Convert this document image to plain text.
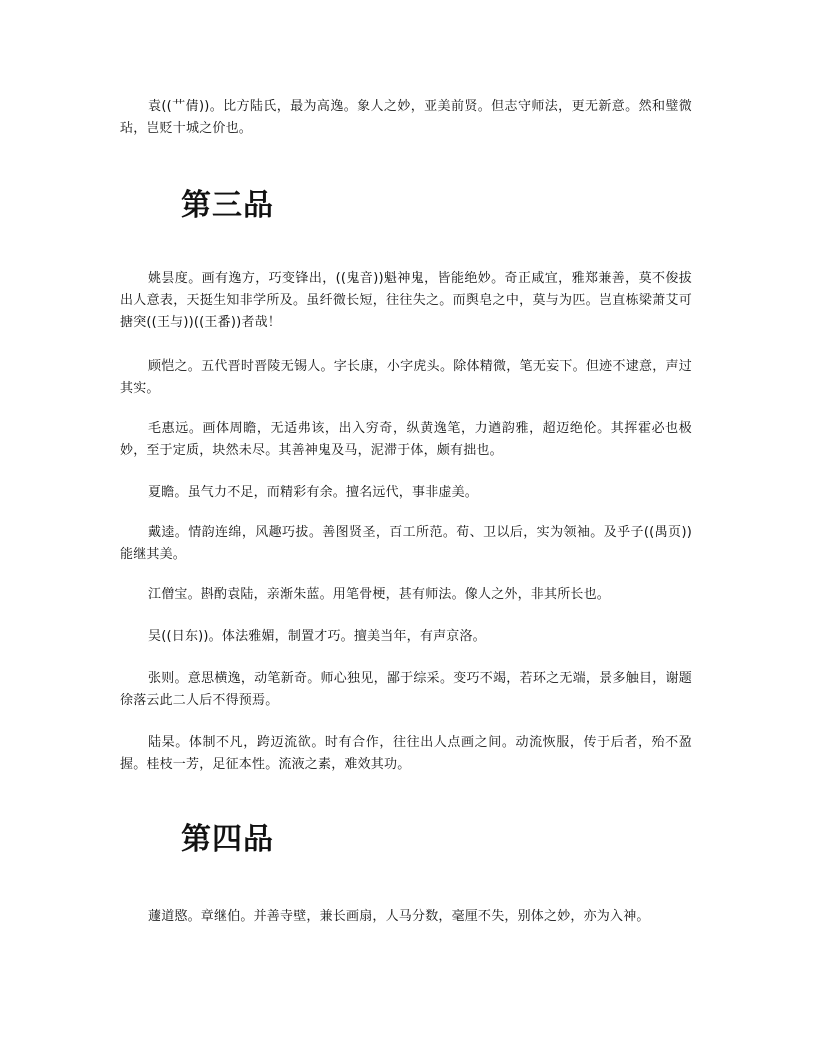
袁((艹倩))。比方陆氏，最为高逸。象人之妙，亚美前贤。但志守师法，更无新意。然和璧微玷，岂贬十城之价也。

第三品

姚昙度。画有逸方，巧变锋出，((鬼音))魁神鬼，皆能绝妙。奇正咸宜，雅郑兼善，莫不俊拔出人意表，天挺生知非学所及。虽纤微长短，往往失之。而舆皂之中，莫与为匹。岂直栋梁萧艾可搪突((王与))((王番))者哉！

顾恺之。五代晋时晋陵无锡人。字长康，小字虎头。除体精微，笔无妄下。但迹不逮意，声过其实。

毛惠远。画体周瞻，无适弗该，出入穷奇，纵黄逸笔，力遒韵雅，超迈绝伦。其挥霍必也极妙，至于定质，块然未尽。其善神鬼及马，泥滞于体，颇有拙也。

夏瞻。虽气力不足，而精彩有余。擅名远代，事非虚美。

戴逵。情韵连绵，风趣巧拔。善图贤圣，百工所范。荀、卫以后，实为领袖。及乎子((禺页))能继其美。

江僧宝。斟酌袁陆，亲渐朱蓝。用笔骨梗，甚有师法。像人之外，非其所长也。

吴((日东))。体法雅媚，制置才巧。擅美当年，有声京洛。

张则。意思横逸，动笔新奇。师心独见，鄙于综采。变巧不竭，若环之无端，景多触目，谢题徐落云此二人后不得预焉。

陆杲。体制不凡，跨迈流欲。时有合作，往往出人点画之间。动流恢服，传于后者，殆不盈握。桂枝一芳，足征本性。流液之素，难效其功。

第四品

蘧道愍。章继伯。并善寺壁，兼长画扇，人马分数，毫厘不失，别体之妙，亦为入神。
